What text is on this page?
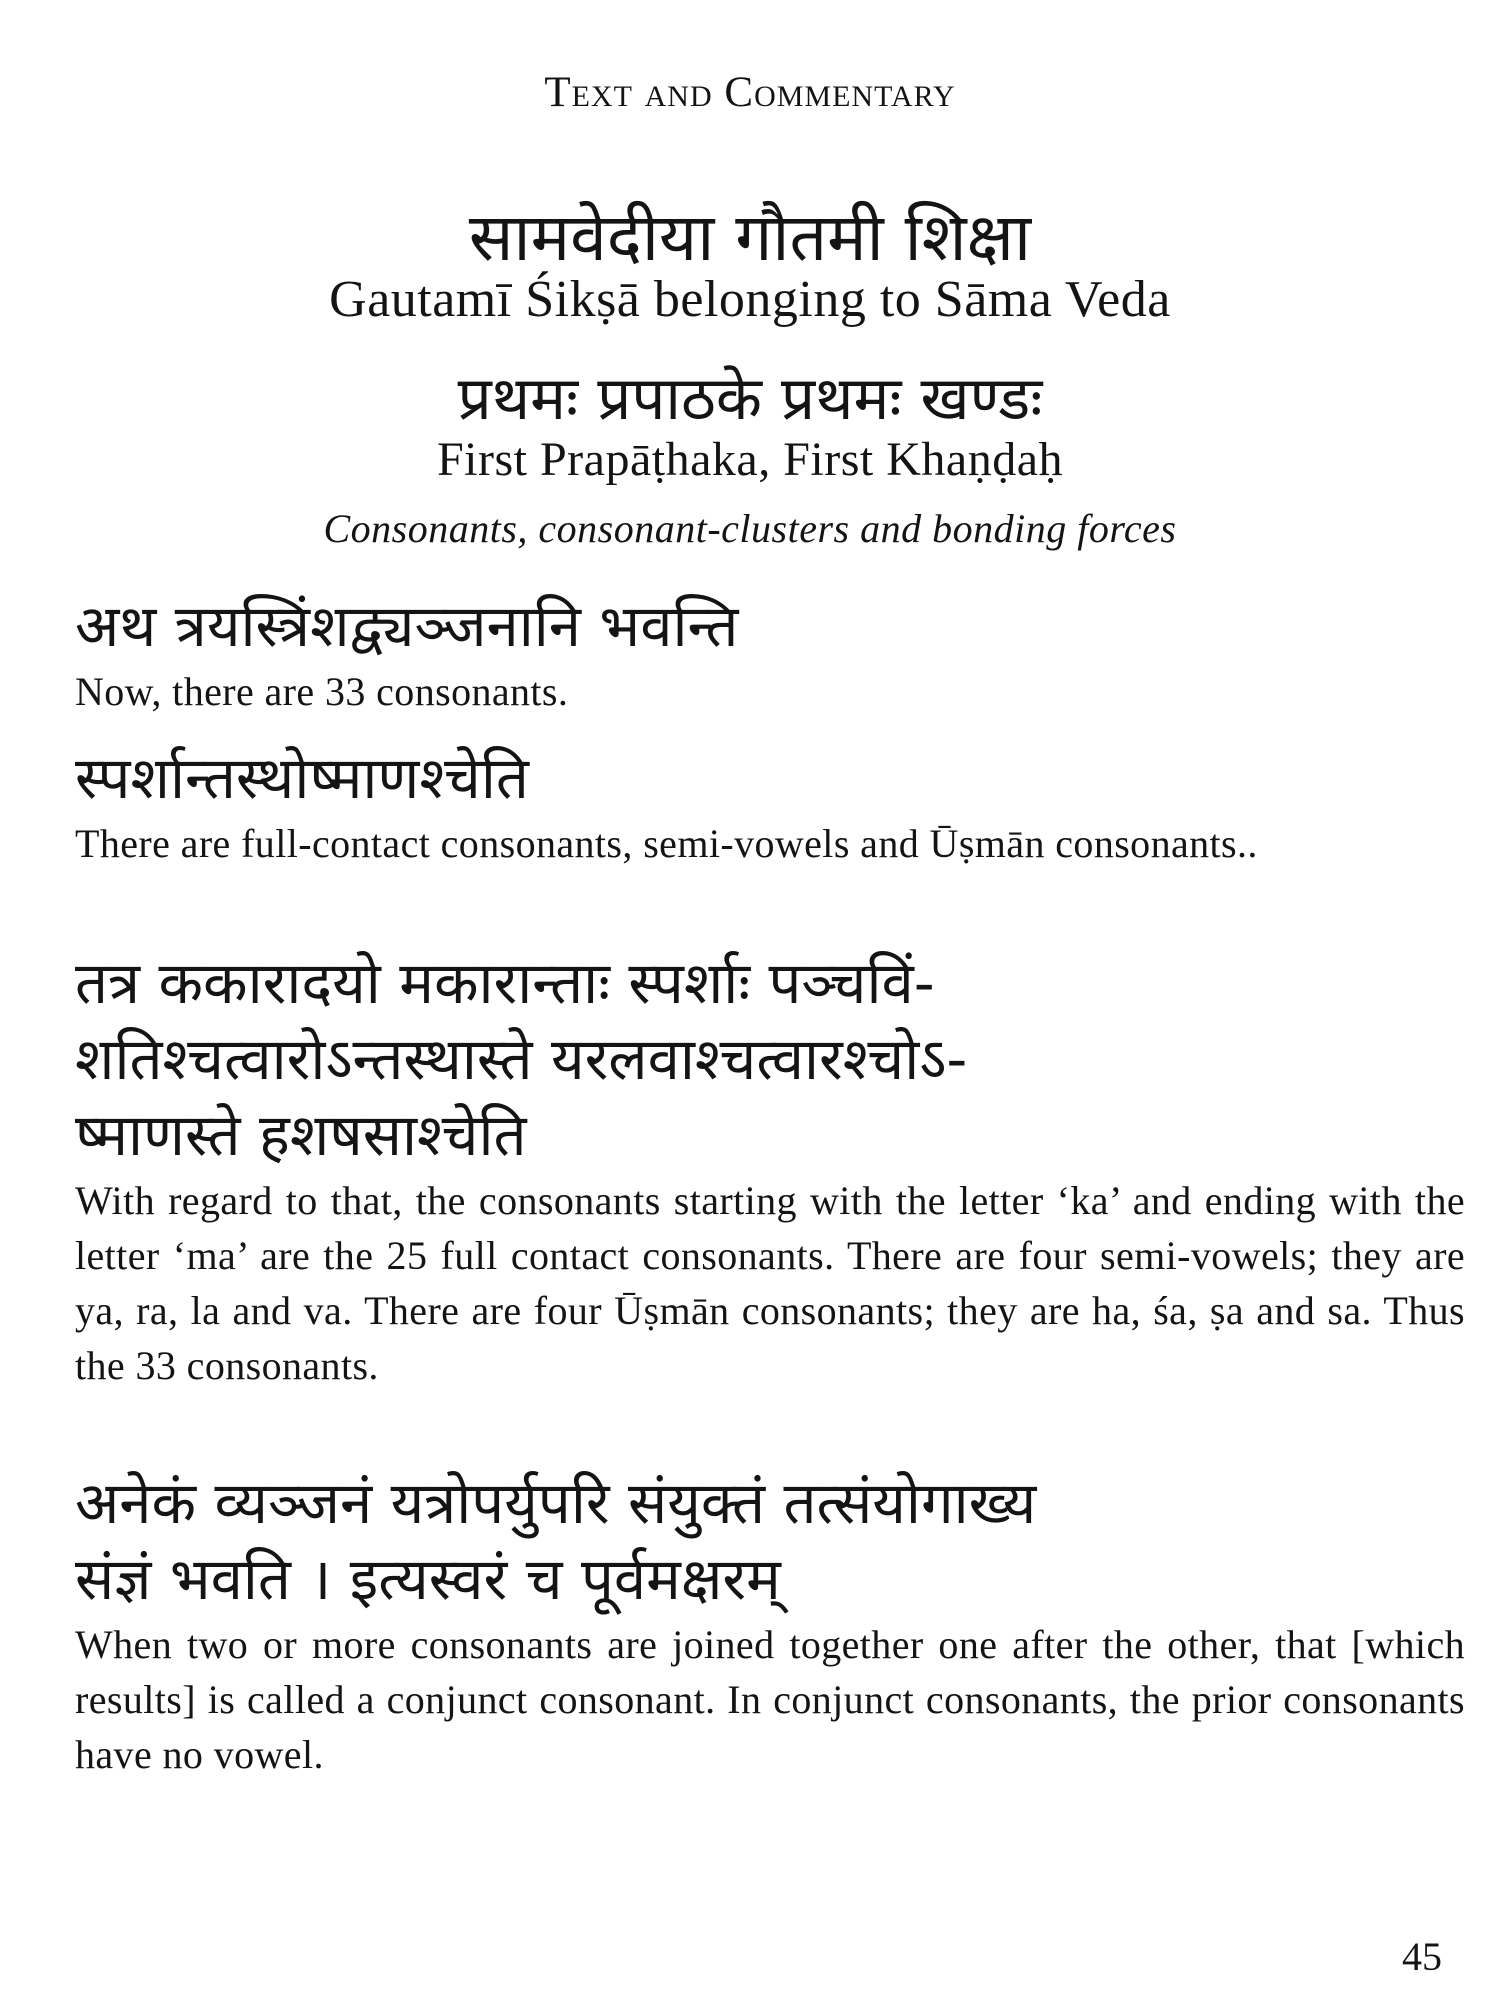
Text and Commentary
सामवेदीया गौतमी शिक्षा
Gautamī Śikṣā belonging to Sāma Veda
प्रथमः प्रपाठके प्रथमः खण्डः
First Prapāṭhaka, First Khaṇḍaḥ
Consonants, consonant-clusters and bonding forces
अथ त्रयस्त्रिंशद्व्यञ्जनानि भवन्ति
Now, there are 33 consonants.
स्पर्शान्तस्थोष्माणश्चेति
There are full-contact consonants, semi-vowels and Ūṣmān consonants..
तत्र ककारादयो मकारान्ताः स्पर्शाः पञ्चविं-
शतिश्चत्वारोऽन्तस्थास्ते यरलवाश्चत्वारश्चोऽ-
ष्माणस्ते हशषसाश्चेति
With regard to that, the consonants starting with the letter ‘ka’ and ending with the letter ‘ma’ are the 25 full contact consonants. There are four semi-vowels; they are ya, ra, la and va. There are four Ūṣmān consonants; they are ha, śa, ṣa and sa. Thus the 33 consonants.
अनेकं व्यञ्जनं यत्रोपर्युपरि संयुक्तं तत्संयोगाख्य
संज्ञं भवति । इत्यस्वरं च पूर्वमक्षरम्
When two or more consonants are joined together one after the other, that [which results] is called a conjunct consonant. In conjunct consonants, the prior consonants have no vowel.
45
